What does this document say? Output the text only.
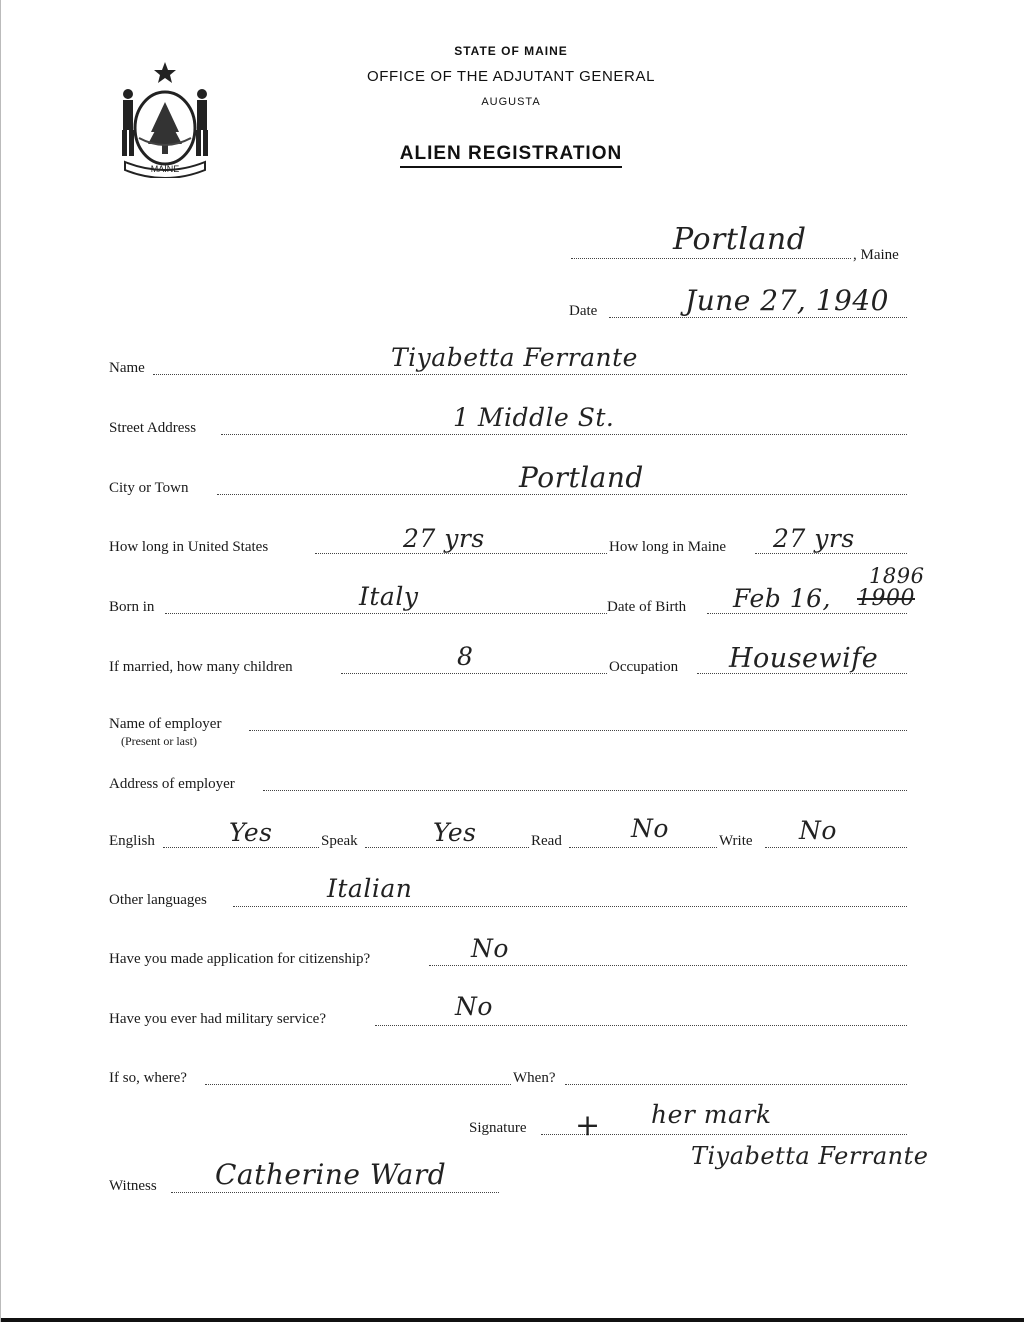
MAINE
STATE OF MAINE
OFFICE OF THE ADJUTANT GENERAL
AUGUSTA
ALIEN REGISTRATION
Portland	, Maine
Date	June 27, 1940
Name	Tiyabetta Ferrante
Street Address	1 Middle St.
City or Town	Portland
How long in United States	27 yrs	How long in Maine 27 yrs
Born in	Italy	Date of Birth Feb 16, 1900
1896
If married, how many children	8	Occupation Housewife
Name of employer
(Present or last)
Address of employer
English	Yes	Speak	Yes	Read	No	Write No
Other languages	Italian
Have you made application for citizenship?	No
Have you ever had military service?	No
If so, where?	When?
Signature + her mark
Tiyabetta Ferrante
Witness Catherine Ward
